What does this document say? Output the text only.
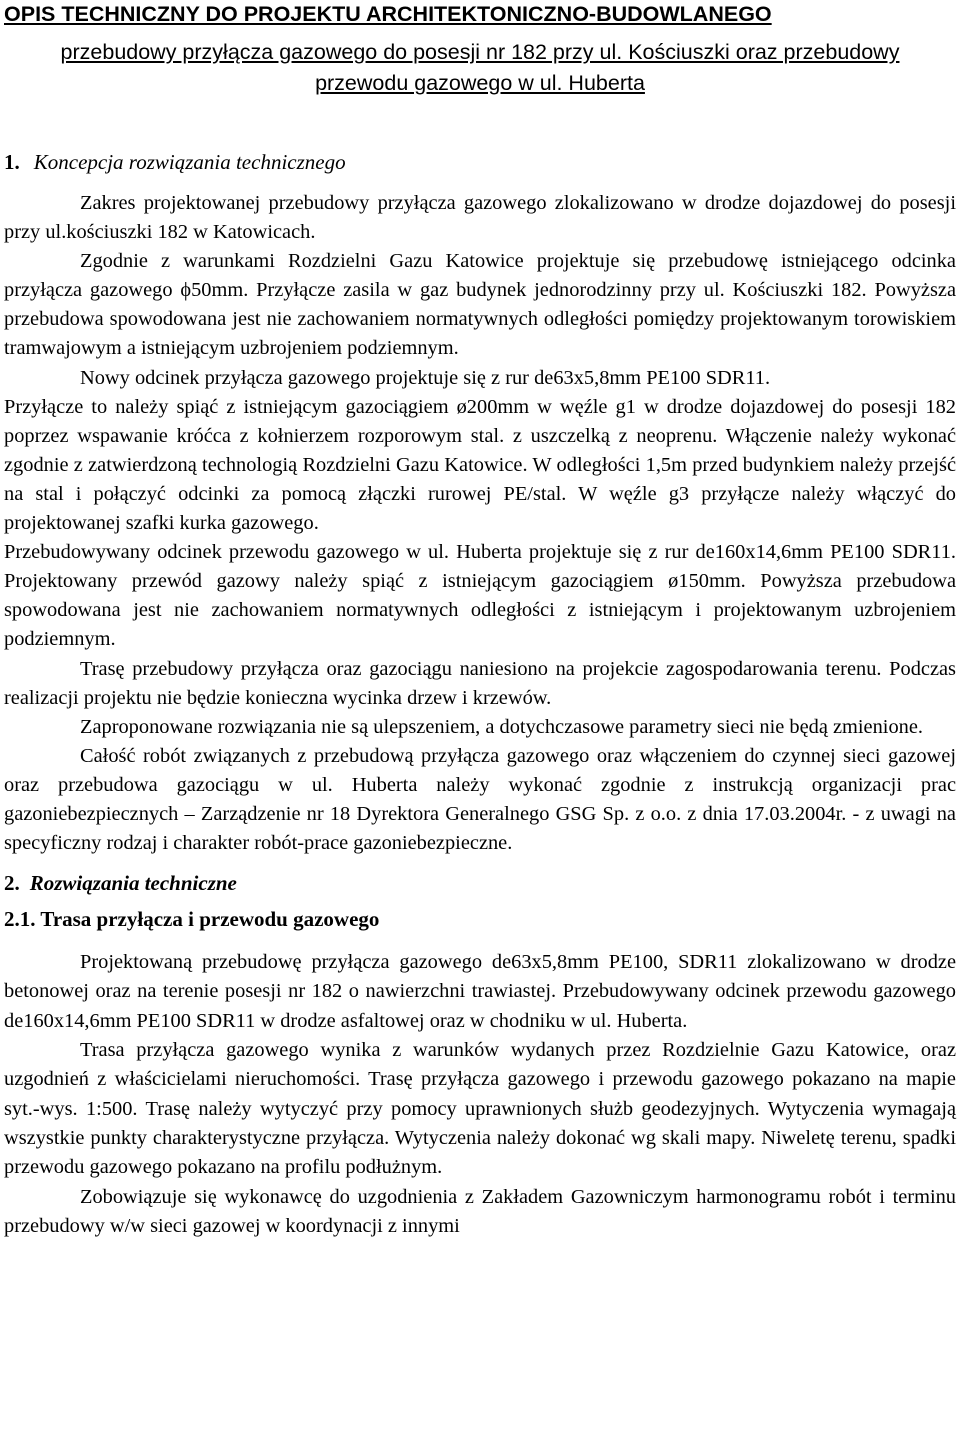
OPIS TECHNICZNY DO PROJEKTU ARCHITEKTONICZNO-BUDOWLANEGO
przebudowy przyłącza gazowego do posesji nr 182 przy ul. Kościuszki oraz przebudowy przewodu gazowego w ul. Huberta
1. Koncepcja rozwiązania technicznego

Zakres projektowanej przebudowy przyłącza gazowego zlokalizowano w drodze dojazdowej do posesji przy ul.kościuszki 182 w Katowicach.

Zgodnie z warunkami Rozdzielni Gazu Katowice projektuje się przebudowę istniejącego odcinka przyłącza gazowego ϕ50mm. Przyłącze zasila w gaz budynek jednorodzinny przy ul. Kościuszki 182. Powyższa przebudowa spowodowana jest nie zachowaniem normatywnych odległości pomiędzy projektowanym torowiskiem tramwajowym a istniejącym uzbrojeniem podziemnym.

Nowy odcinek przyłącza gazowego projektuje się z rur de63x5,8mm PE100 SDR11.

Przyłącze to należy spiąć z istniejącym gazociągiem ø200mm w węźle g1 w drodze dojazdowej do posesji 182 poprzez wspawanie króćca z kołnierzem rozporowym stal. z uszczelką z neoprenu. Włączenie należy wykonać zgodnie z zatwierdzoną technologią Rozdzielni Gazu Katowice. W odległości 1,5m przed budynkiem należy przejść na stal i połączyć odcinki za pomocą złączki rurowej PE/stal. W węźle g3 przyłącze należy włączyć do projektowanej szafki kurka gazowego.

Przebudowywany odcinek przewodu gazowego w ul. Huberta projektuje się z rur de160x14,6mm PE100 SDR11. Projektowany przewód gazowy należy spiąć z istniejącym gazociągiem ø150mm. Powyższa przebudowa spowodowana jest nie zachowaniem normatywnych odległości z istniejącym i projektowanym uzbrojeniem podziemnym.

Trasę przebudowy przyłącza oraz gazociągu naniesiono na projekcie zagospodarowania terenu. Podczas realizacji projektu nie będzie konieczna wycinka drzew i krzewów.

Zaproponowane rozwiązania nie są ulepszeniem, a dotychczasowe parametry sieci nie będą zmienione.

Całość robót związanych z przebudową przyłącza gazowego oraz włączeniem do czynnej sieci gazowej oraz przebudowa gazociągu w ul. Huberta należy wykonać zgodnie z instrukcją organizacji prac gazoniebezpiecznych – Zarządzenie nr 18 Dyrektora Generalnego GSG Sp. z o.o. z dnia 17.03.2004r. - z uwagi na specyficzny rodzaj i charakter robót-prace gazoniebezpieczne.

2. Rozwiązania techniczne
2.1. Trasa przyłącza i przewodu gazowego

Projektowaną przebudowę przyłącza gazowego de63x5,8mm PE100, SDR11 zlokalizowano w drodze betonowej oraz na terenie posesji nr 182 o nawierzchni trawiastej. Przebudowywany odcinek przewodu gazowego de160x14,6mm PE100 SDR11 w drodze asfaltowej oraz w chodniku w ul. Huberta.

Trasa przyłącza gazowego wynika z warunków wydanych przez Rozdzielnie Gazu Katowice, oraz uzgodnień z właścicielami nieruchomości. Trasę przyłącza gazowego i przewodu gazowego pokazano na mapie syt.-wys. 1:500. Trasę należy wytyczyć przy pomocy uprawnionych służb geodezyjnych. Wytyczenia wymagają wszystkie punkty charakterystyczne przyłącza. Wytyczenia należy dokonać wg skali mapy. Niweletę terenu, spadki przewodu gazowego pokazano na profilu podłużnym.

Zobowiązuje się wykonawcę do uzgodnienia z Zakładem Gazowniczym harmonogramu robót i terminu przebudowy w/w sieci gazowej w koordynacji z innymi
